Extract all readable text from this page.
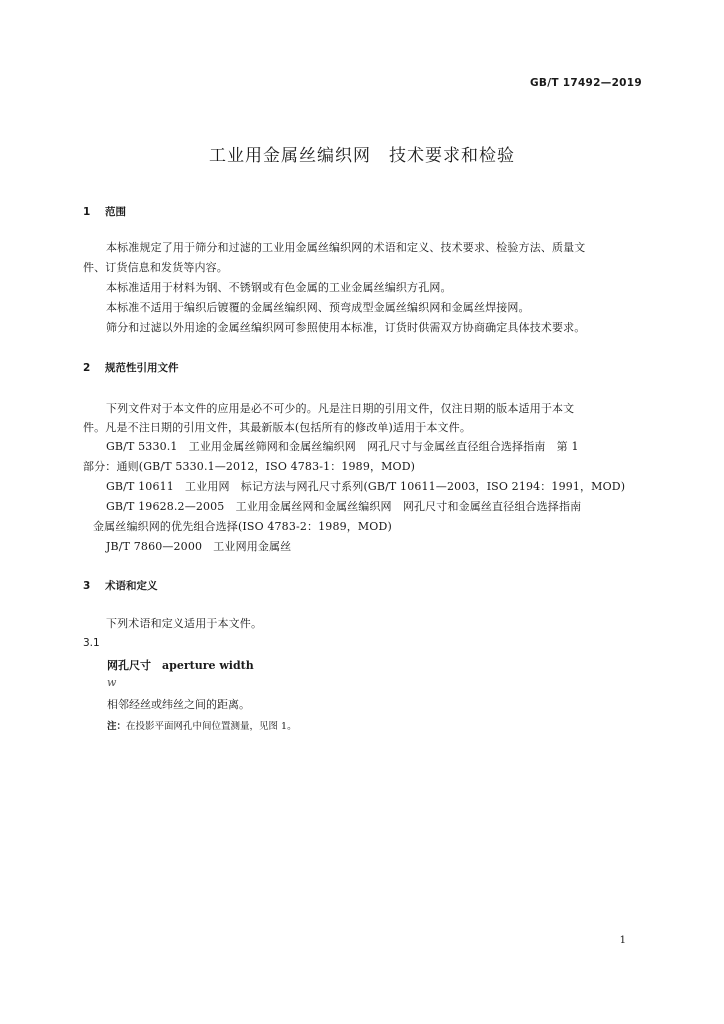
GB/T 17492—2019
工业用金属丝编织网　技术要求和检验
1 范围
本标准规定了用于筛分和过滤的工业用金属丝编织网的术语和定义、技术要求、检验方法、质量文
件、订货信息和发货等内容。
本标准适用于材料为钢、不锈钢或有色金属的工业金属丝编织方孔网。
本标准不适用于编织后镀覆的金属丝编织网、预弯成型金属丝编织网和金属丝焊接网。
筛分和过滤以外用途的金属丝编织网可参照使用本标准，订货时供需双方协商确定具体技术要求。
2 规范性引用文件
下列文件对于本文件的应用是必不可少的。凡是注日期的引用文件，仅注日期的版本适用于本文
件。凡是不注日期的引用文件，其最新版本(包括所有的修改单)适用于本文件。
GB/T 5330.1　工业用金属丝筛网和金属丝编织网　网孔尺寸与金属丝直径组合选择指南　第 1
部分：通则(GB/T 5330.1—2012，ISO 4783-1：1989，MOD)
GB/T 10611　工业用网　标记方法与网孔尺寸系列(GB/T 10611—2003，ISO 2194：1991，MOD)
GB/T 19628.2—2005　工业用金属丝网和金属丝编织网　网孔尺寸和金属丝直径组合选择指南
金属丝编织网的优先组合选择(ISO 4783-2：1989，MOD)
JB/T 7860—2000　工业网用金属丝
3 术语和定义
下列术语和定义适用于本文件。
3.1
网孔尺寸　 aperture width
w
相邻经丝或纬丝之间的距离。
注：在投影平面网孔中间位置测量，见图 1。
1
